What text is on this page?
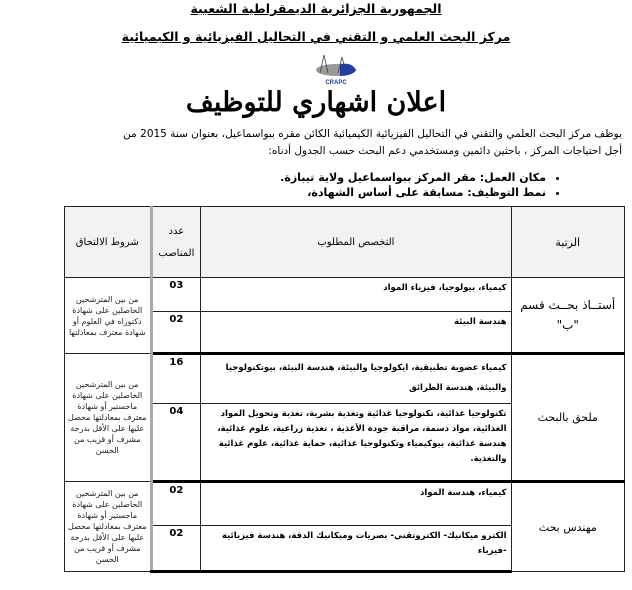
الجمهورية الجزائرية الديمقراطية الشعبية
مركز البحث العلمي و التقني في التحاليل الفيزيائية و الكيميائية
CRAPC
اعلان اشهاري للتوظيف
يوظف مركز البحث العلمي والتقني في التحاليل الفيزيائية الكيميائية الكائن مقره ببواسماعيل، بعنوان سنة 2015 من
أجل احتياجات المركز ، باحثين دائمين ومستخدمي دعم البحث حسب الجدول أدناه:
• مكان العمل: مقر المركز ببواسماعيل ولاية تيبازة.
• نمط التوظيف: مسابقة على أساس الشهادة،
الرتبة	التخصص المطلوب	عدد المناصب	شروط الالتحاق
أستــاذ بحــث قسم "ب"	كيمياء، بيولوجيا، فيزياء المواد	03	من بين المترشحين الحاصلين على شهادة دكتوراه في العلوم أو شهادة معترف بمعادلتها
	هندسة البيئة	02	
ملحق بالبحث	كيمياء عضوية تطبيقية، ايكولوجيا والبيئة، هندسة البيئة، بيوتكنولوجيا والبيئة، هندسة الطرائق	16	من بين المترشحين الحاصلين على شهادة ماجستير أو شهادة معترف بمعادلتها محصل عليها على الأقل بدرجة مشرف أو قريب من الحسن
	تكنولوجيا غذائية، تكنولوجيا غذائية وتغذية بشرية، تغذية وتحويل المواد الغذائية، مواد دسمة، مراقبة جودة الأغذية ، تغذية زراعية، علوم غذائية، هندسة غذائية، بيوكيمياء وتكنولوجيا غذائية، حماية غذائية، علوم غذائية والتغذية.	04	
مهندس بحث	كيمياء، هندسة المواد	02	من بين المترشحين الحاصلين على شهادة ماجستير أو شهادة معترف بمعادلتها محصل عليها على الأقل بدرجة مشرف أو قريب من الحسن
	الكترو ميكانيك- الكتروتقني- بصريات وميكانيك الدقة، هندسة فيزيائية -فيزياء	02	
